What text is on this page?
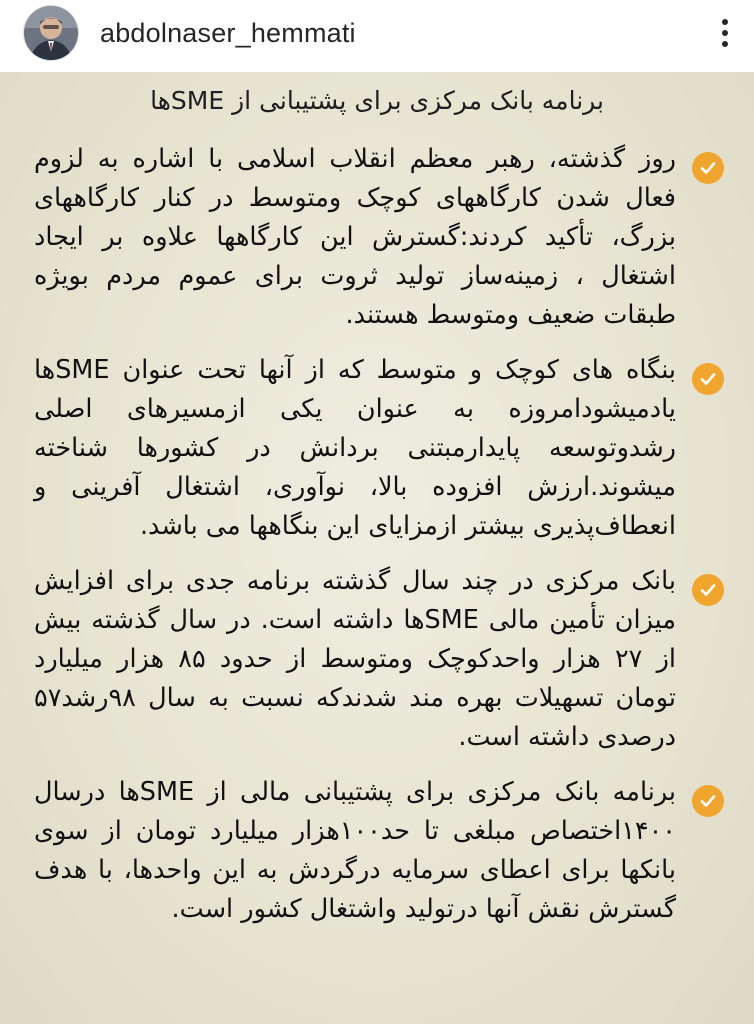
abdolnaser_hemmati
برنامه بانک مرکزی برای پشتیبانی از SMEها

روز گذشته، رهبر معظم انقلاب اسلامی با اشاره به لزوم فعال شدن کارگاههای کوچک ومتوسط در کنار کارگاههای بزرگ، تأکید کردند:گسترش این کارگاهها علاوه بر ایجاد اشتغال ، زمینه‌ساز تولید ثروت برای عموم مردم بویژه طبقات ضعیف ومتوسط هستند.

بنگاه های کوچک و متوسط که از آنها تحت عنوان SMEها یادمیشودامروزه به عنوان یکی ازمسیرهای اصلی رشدوتوسعه پایدارمبتنی بردانش در کشورها شناخته میشوند.ارزش افزوده بالا، نوآوری، اشتغال آفرینی و انعطاف‌پذیری بیشتر ازمزایای این بنگاهها می باشد.

بانک مرکزی در چند سال گذشته برنامه جدی برای افزایش میزان تأمین مالی SMEها داشته است. در سال گذشته بیش از ۲۷ هزار واحدکوچک ومتوسط از حدود ۸۵ هزار میلیارد تومان تسهیلات بهره مند شدندکه نسبت به سال ۹۸رشد۵۷ درصدی داشته است.

برنامه بانک مرکزی برای پشتیبانی مالی از SMEها درسال ۱۴۰۰اختصاص مبلغی تا حد۱۰۰هزار میلیارد تومان از سوی بانکها برای اعطای سرمایه درگردش به این واحدها، با هدف گسترش نقش آنها درتولید واشتغال کشور است.
